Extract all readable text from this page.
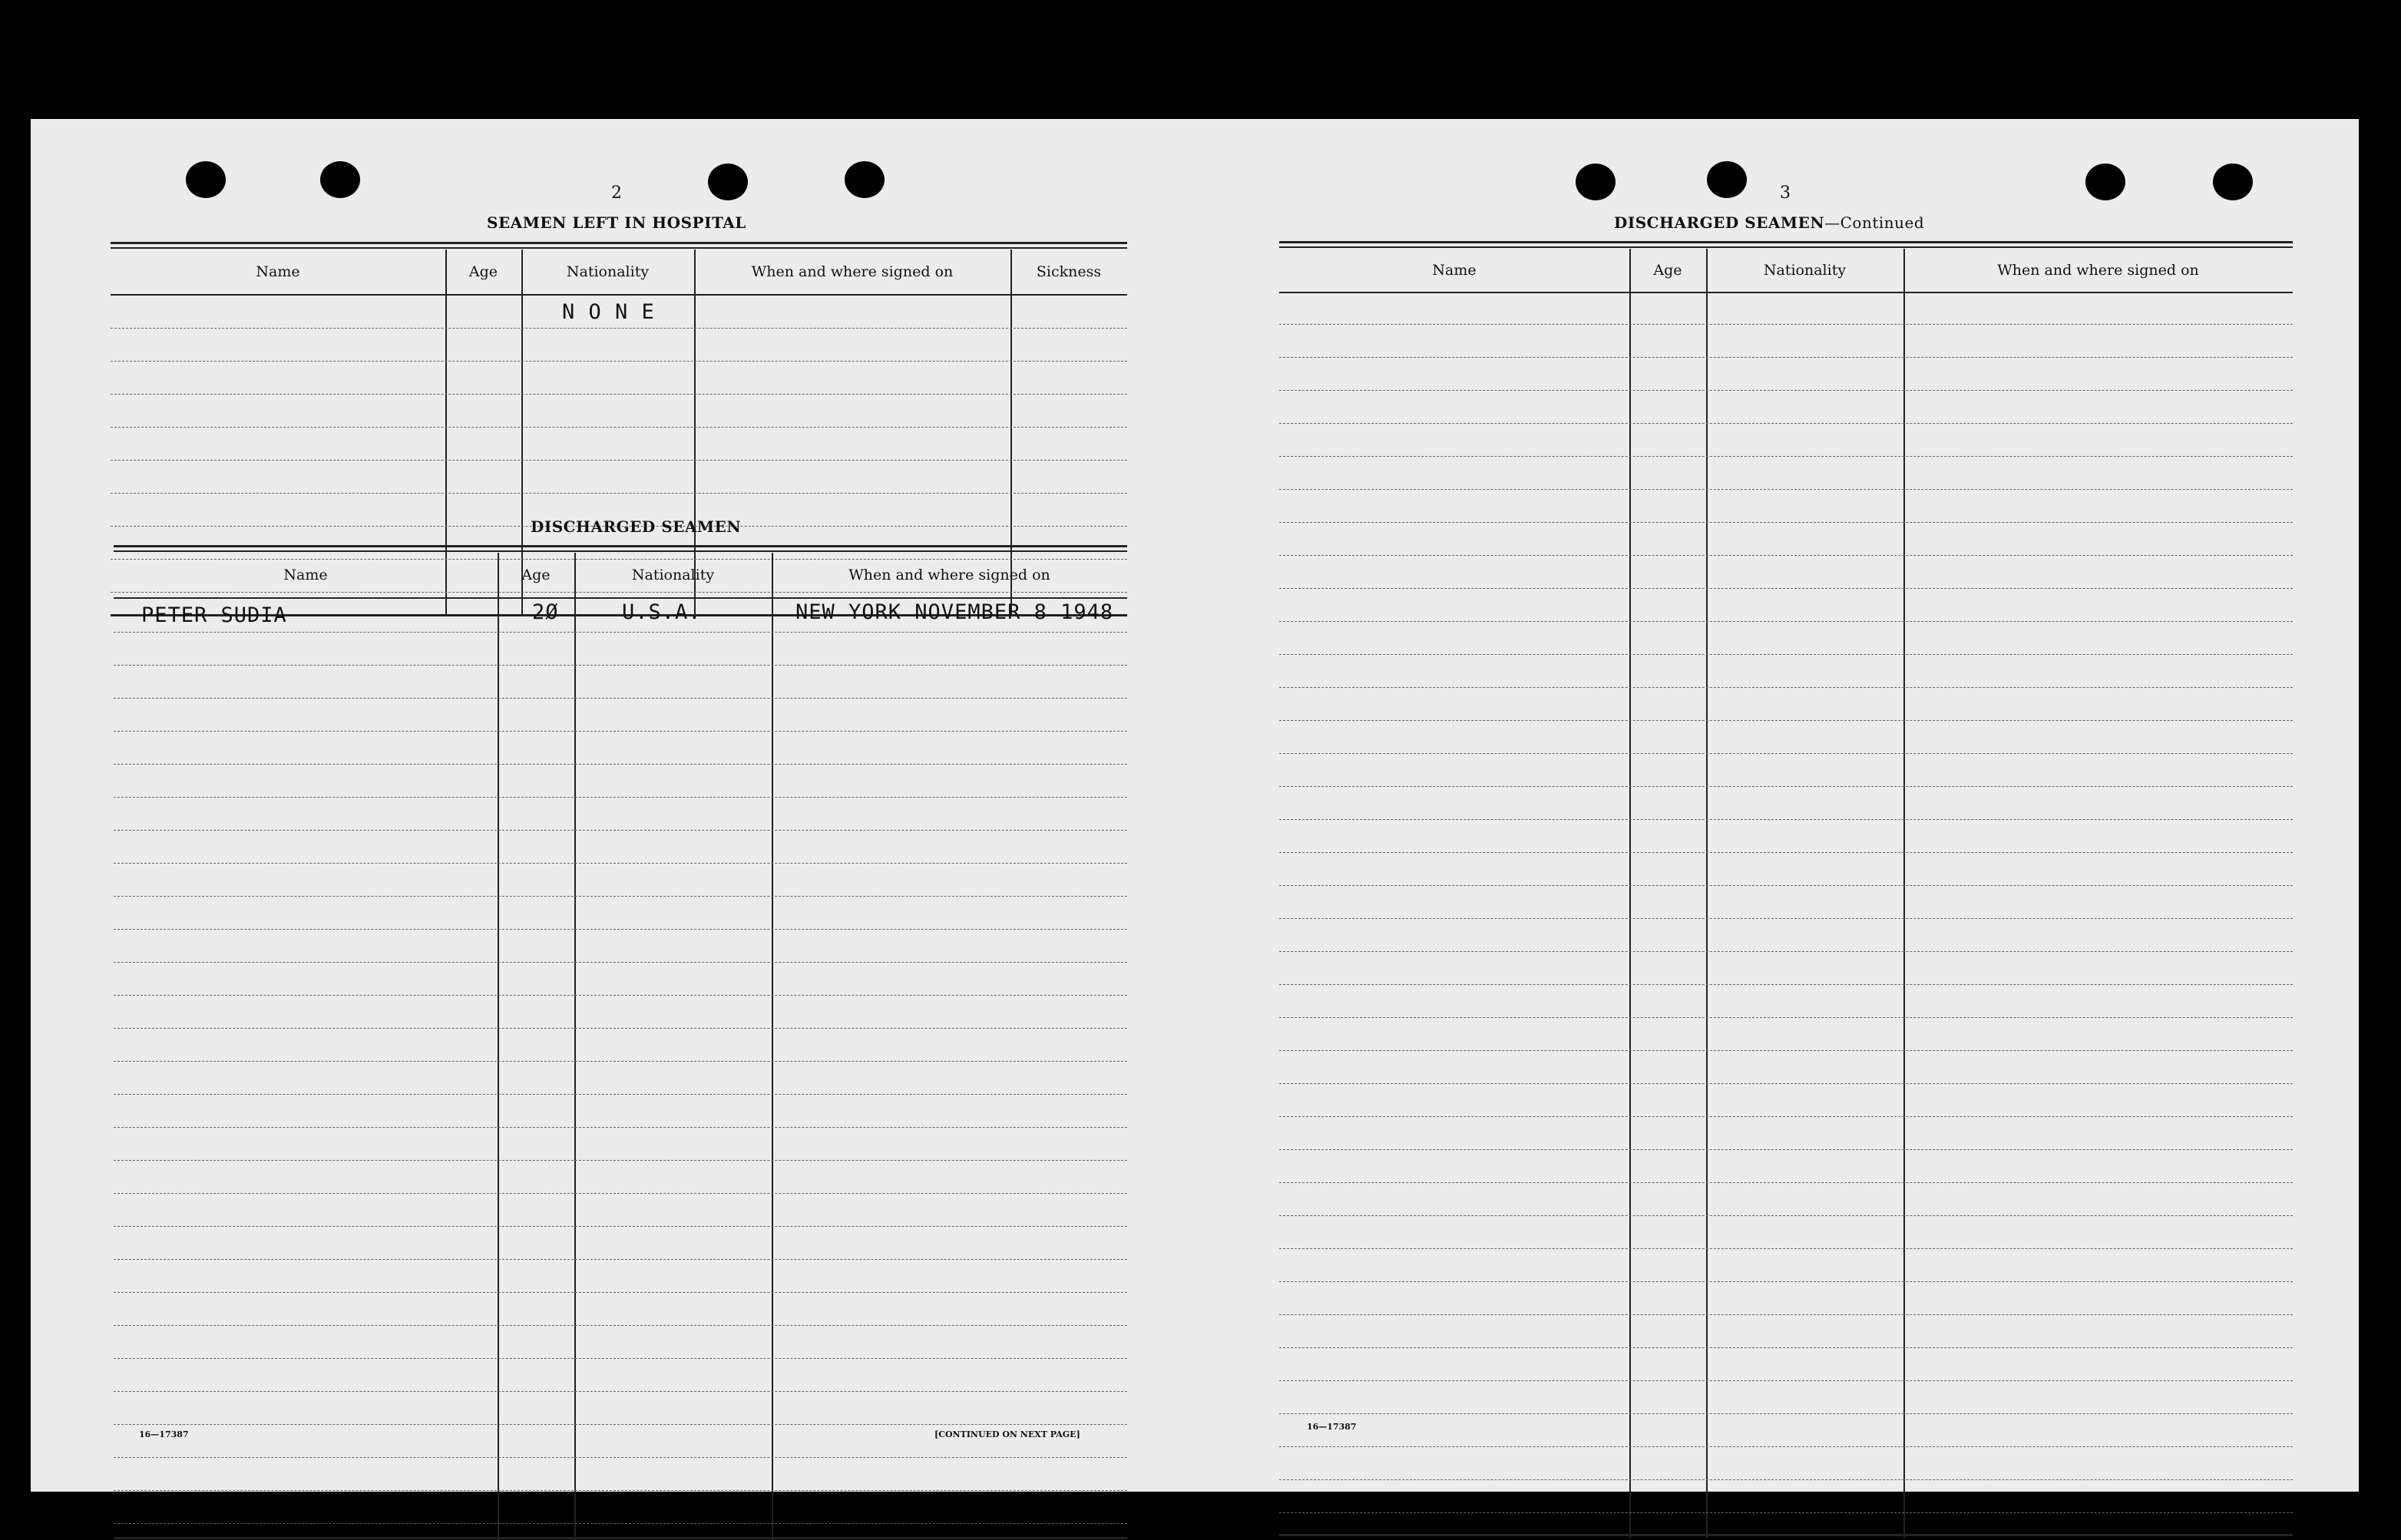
2
SEAMEN LEFT IN HOSPITAL
Name	Age	Nationality	When and where signed on	Sickness
N O N E
DISCHARGED SEAMEN
Name	Age	Nationality	When and where signed on
PETER SUDIA	2Ø	U.S.A.	NEW YORK NOVEMBER 8 1948
16—17387	[CONTINUED ON NEXT PAGE]
3
DISCHARGED SEAMEN—Continued
Name	Age	Nationality	When and where signed on
16—17387
